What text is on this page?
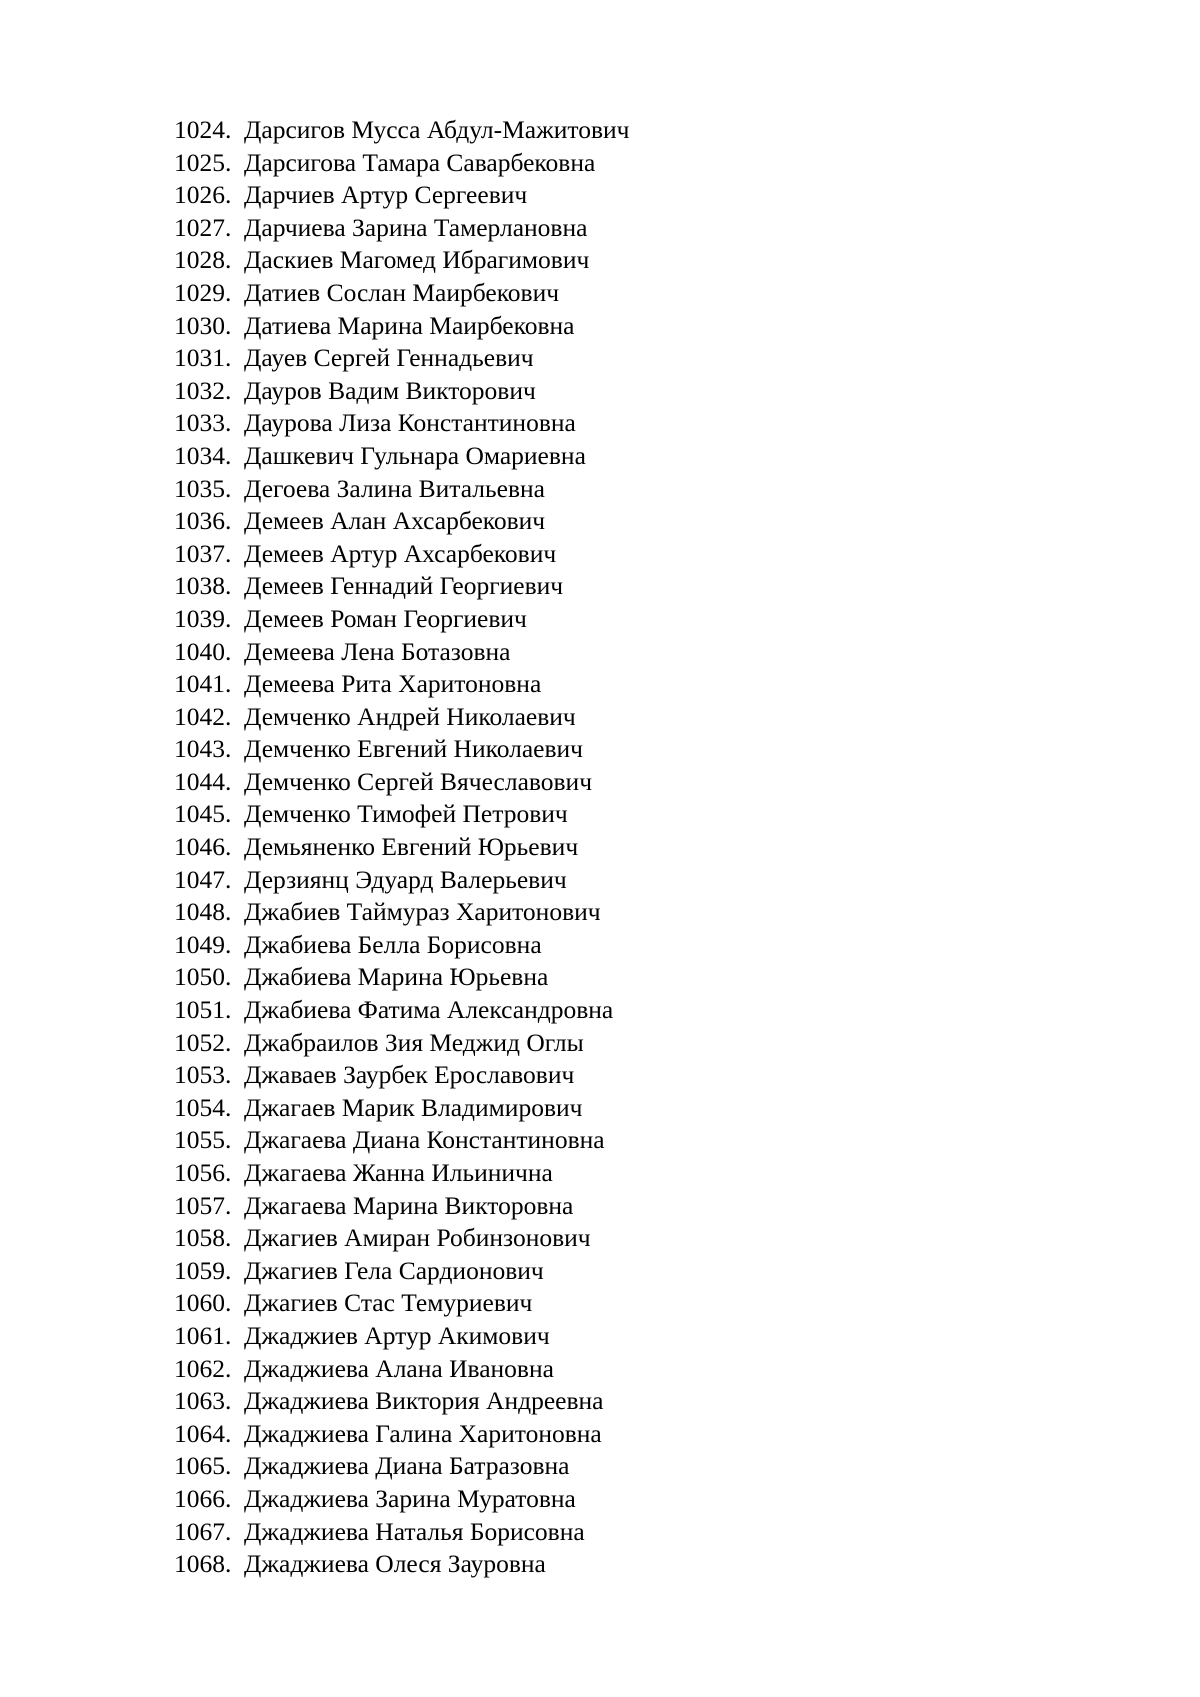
1024. Дарсигов Мусса Абдул-Мажитович
1025. Дарсигова Тамара Саварбековна
1026. Дарчиев Артур Сергеевич
1027. Дарчиева Зарина Тамерлановна
1028. Даскиев Магомед Ибрагимович
1029. Датиев Сослан Маирбекович
1030. Датиева Марина Маирбековна
1031. Дауев Сергей Геннадьевич
1032. Дауров Вадим Викторович
1033. Даурова Лиза Константиновна
1034. Дашкевич Гульнара Омариевна
1035. Дегоева Залина Витальевна
1036. Демеев Алан Ахсарбекович
1037. Демеев Артур Ахсарбекович
1038. Демеев Геннадий Георгиевич
1039. Демеев Роман Георгиевич
1040. Демеева Лена Ботазовна
1041. Демеева Рита Харитоновна
1042. Демченко Андрей Николаевич
1043. Демченко Евгений Николаевич
1044. Демченко Сергей Вячеславович
1045. Демченко Тимофей Петрович
1046. Демьяненко Евгений Юрьевич
1047. Дерзиянц Эдуард Валерьевич
1048. Джабиев Таймураз Харитонович
1049. Джабиева Белла Борисовна
1050. Джабиева Марина Юрьевна
1051. Джабиева Фатима Александровна
1052. Джабраилов Зия Меджид Оглы
1053. Джаваев Заурбек Ерославович
1054. Джагаев Марик Владимирович
1055. Джагаева Диана Константиновна
1056. Джагаева Жанна Ильинична
1057. Джагаева Марина Викторовна
1058. Джагиев Амиран Робинзонович
1059. Джагиев Гела Сардионович
1060. Джагиев Стас Темуриевич
1061. Джаджиев Артур Акимович
1062. Джаджиева Алана Ивановна
1063. Джаджиева Виктория Андреевна
1064. Джаджиева Галина Харитоновна
1065. Джаджиева Диана Батразовна
1066. Джаджиева Зарина Муратовна
1067. Джаджиева Наталья Борисовна
1068. Джаджиева Олеся Зауровна
